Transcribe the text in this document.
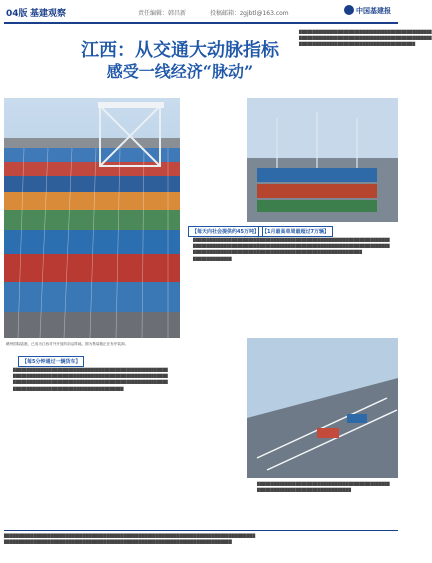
04版 基建观察	责任编辑：韩昌新	投稿邮箱：zgjbtl@163.com	中国基建报
江西：从交通大动脉指标
感受一线经济“脉动”

████████████████████████████████████████████████

████████████████████████████████████████████████

██████████████████████████████████████████

【每天向社会提供约45万吨】

████████████████████████

████████████████████████

████████████████████████

██████████████

【1月最高单周最超过7万辆】

████████████████████████████████████████████████

████████████████████████████████████████████████

██████████████████████████████████████

赣州国际陆港，已成为江西对外开放的前沿阵地。图为集装箱正在有序装卸。
【每5分钟通过一辆货车】

████████████████████████████████████████████████████████

████████████████████████████████████████████████████████

████████████████████████████████████████████████████████

████████████████████████████████████████

████████████████████████████████████████████████

██████████████████████████████████

██████████████████████████████████████████████████████████████████████████████████████
██████████████████████████████████████████████████████████████████████████████
